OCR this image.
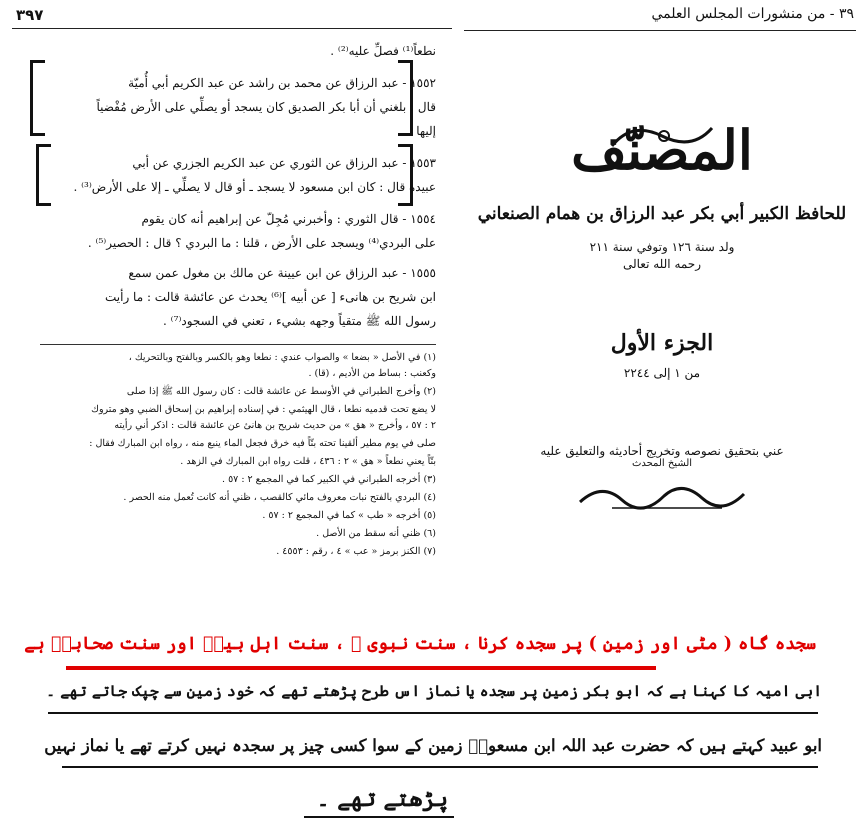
٣٩ - من منشورات المجلس العلمي
المصنّف
للحافظ الكبير أبي بكر عبد الرزاق بن همام الصنعاني
ولد سنة ١٢٦ وتوفي سنة ٢١١
رحمه الله تعالى
الجزء الأول
من ١ إلى ٢٢٤٤
عني بتحقيق نصوصه وتخريج أحاديثه والتعليق عليه
الشيخ المحدث
٣٩٧
نطعاً⁽¹⁾ فصلِّ عليه⁽²⁾ .
١٥٥٢ - عبد الرزاق عن محمد بن راشد عن عبد الكريم أبي أُميّة
قال : بلغني أن أبا بكر الصديق كان يسجد أو يصلِّي على الأرض مُفْضياً
إليها .
١٥٥٣ - عبد الرزاق عن الثوري عن عبد الكريم الجزري عن أبي
عبيدة قال : كان ابن مسعود لا يسجد ـ أو قال لا يصلِّي ـ إلا على الأرض⁽³⁾ .
١٥٥٤ - قال الثوري : وأخبرني مُجِلّ عن إبراهيم أنه كان يقوم
على البردي⁽⁴⁾ ويسجد على الأرض ، قلنا : ما البردي ؟ قال : الحصير⁽⁵⁾ .
١٥٥٥ - عبد الرزاق عن ابن عيينة عن مالك بن مغول عمن سمع
ابن شريح بن هانىء [ عن أبيه ]⁽⁶⁾ يحدث عن عائشة قالت : ما رأيت
رسول الله ﷺ متقياً وجهه بشيء ، تعني في السجود⁽⁷⁾ .
(١) في الأصل « بضعا » والصواب عندي : نطعا وهو بالكسر وبالفتح وبالتحريك ،
وكعنب : بساط من الأديم ، (قا) .
(٢) وأخرج الطبراني في الأوسط عن عائشة قالت : كان رسول الله ﷺ إذا صلى
لا يضع تحت قدميه نطعا ، قال الهيثمي : في إسناده إبراهيم بن إسحاق الضبي وهو متروك
٢ : ٥٧ ، وأخرج « هق » من حديث شريح بن هانئ عن عائشة قالت : اذكر أني رأيته
صلى في يوم مطير ألقينا تحته بتّاً فيه خرق فجعل الماء ينبع منه ، رواه ابن المبارك فقال :
بتّاً يعني نطعاً « هق » ٢ : ٤٣٦ ، قلت رواه ابن المبارك في الزهد .
(٣) أخرجه الطبراني في الكبير كما في المجمع ٢ : ٥٧ .
(٤) البردي بالفتح نبات معروف مائي كالقصب ، ظني أنه كانت تُعمل منه الحصر .
(٥) أخرجه « طب » كما في المجمع ٢ : ٥٧ .
(٦) ظني أنه سقط من الأصل .
(٧) الكنز برمز « عب » ٤ ، رقم : ٤٥٥٣ .
سجدہ گاہ ( مٹی اور زمین ) پر سجدہ کرنا ، سنت نبوی ﷺ ، سنت اہل بیتؑ اور سنت صحابہؓ ہے
ابی امیہ کا کہنا ہے کہ ابو بکر زمین پر سجدہ یا نماز اس طرح پڑھتے تھے کہ خود زمین سے چپک جاتے تھے ۔
ابو عبید کہتے ہیں کہ حضرت عبد اللہ ابن مسعودؓ زمین کے سوا کسی چیز پر سجدہ نہیں کرتے تھے یا نماز نہیں
پڑھتے تھے ۔
